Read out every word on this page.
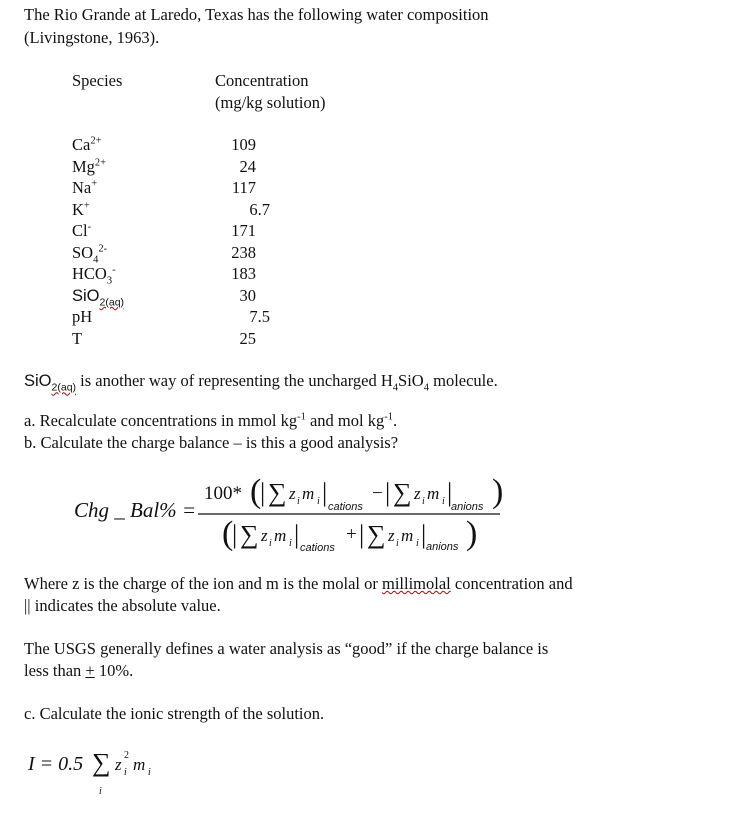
The Rio Grande at Laredo, Texas has the following water composition
(Livingstone, 1963).
Species	Concentration
(mg/kg solution)
$Ca^{2+}$	109
$Mg^{2+}$	24
Na+	117
K+	6.7
Cl-	171
$SO_4^{2-}$	238
$HCO_3^-$	183
SiO$_{2(aq)}$	30
pH	7.5
T	25
SiO$_{2(aq)}$ is another way of representing the uncharged $H_4SiO_4$ molecule.
a. Recalculate concentrations in mmol $kg^{-1}$ and mol $kg^{-1}$.
b. Calculate the charge balance – is this a good analysis?
Chg _ Bal% =
100* (
| ∑ z i m i | cations
− | ∑ z i m i |
anions )
(
| ∑ z i m i | cations
+ | ∑ z i m i | anions )
Where z is the charge of the ion and m is the molal or millimolal concentration and
|| indicates the absolute value.
The USGS generally defines a water analysis as “good” if the charge balance is
less than + 10%.
c. Calculate the ionic strength of the solution.
I = 0.5 ∑
i
z 2
i m i
